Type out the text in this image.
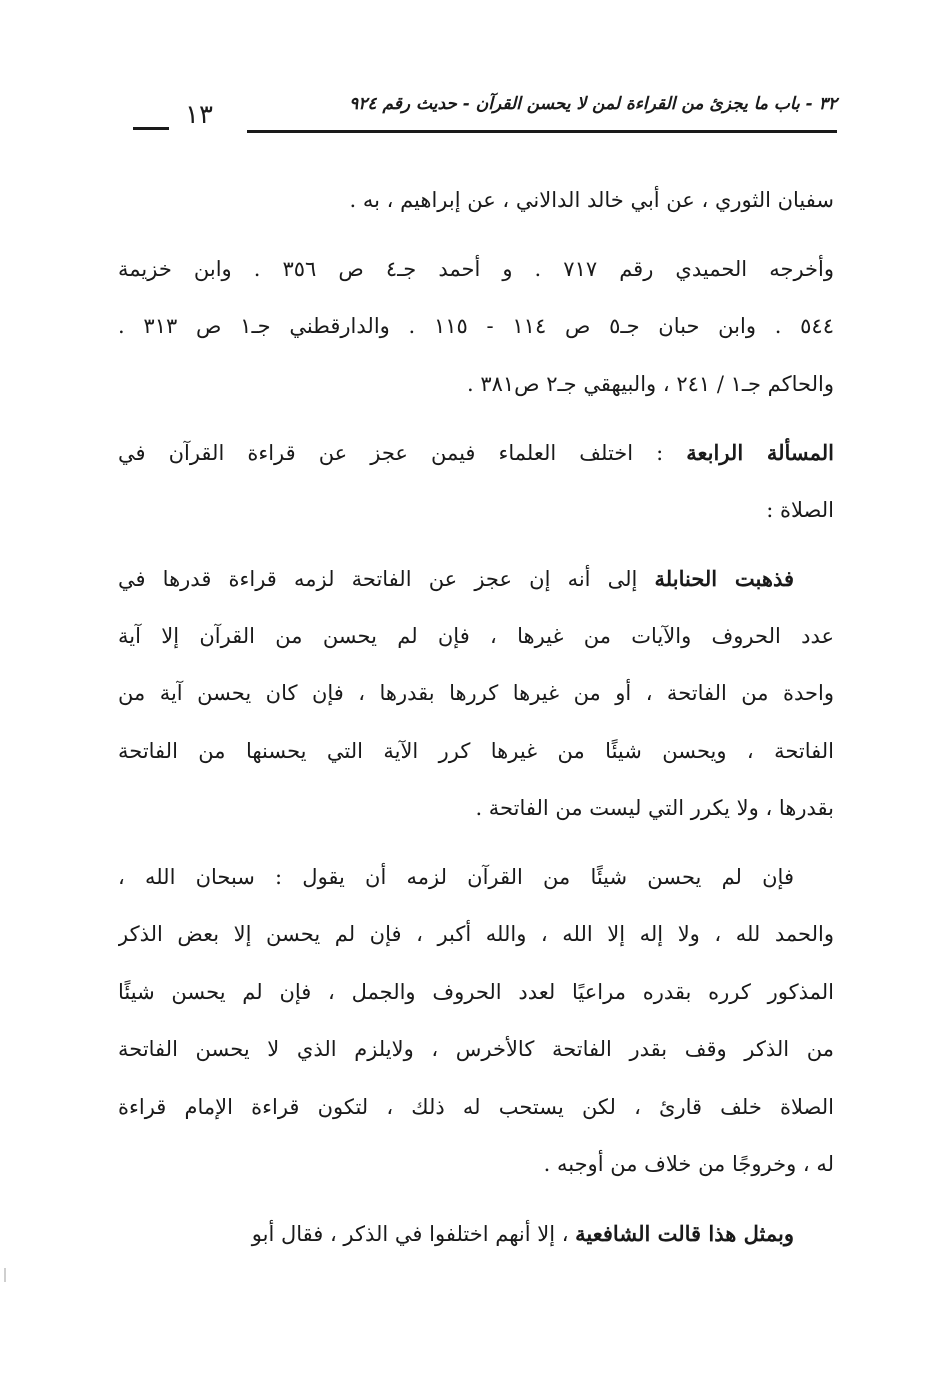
٣٢ - باب ما يجزئ من القراءة لمن لا يحسن القرآن - حديث رقم ٩٢٤
١٣
سفيان الثوري ، عن أبي خالد الدالاني ، عن إبراهيم ، به .
وأخرجه الحميدي رقم ٧١٧ . و أحمد جـ٤ ص ٣٥٦ . وابن خزيمة
٥٤٤ . وابن حبان جـ٥ ص ١١٤ - ١١٥ . والدارقطني جـ١ ص ٣١٣ .
والحاكم جـ١ / ٢٤١ ، والبيهقي جـ٢ ص٣٨١ .
المسألة الرابعة : اختلف العلماء فيمن عجز عن قراءة القرآن في
الصلاة :
فذهبت الحنابلة إلى أنه إن عجز عن الفاتحة لزمه قراءة قدرها في
عدد الحروف والآيات من غيرها ، فإن لم يحسن من القرآن إلا آية
واحدة من الفاتحة ، أو من غيرها كررها بقدرها ، فإن كان يحسن آية من
الفاتحة ، ويحسن شيئًا من غيرها كرر الآية التي يحسنها من الفاتحة
بقدرها ، ولا يكرر التي ليست من الفاتحة .
فإن لم يحسن شيئًا من القرآن لزمه أن يقول : سبحان الله ،
والحمد لله ، ولا إله إلا الله ، والله أكبر ، فإن لم يحسن إلا بعض الذكر
المذكور كرره بقدره مراعيًا لعدد الحروف والجمل ، فإن لم يحسن شيئًا
من الذكر وقف بقدر الفاتحة كالأخرس ، ولايلزم الذي لا يحسن الفاتحة
الصلاة خلف قارئ ، لكن يستحب له ذلك ، لتكون قراءة الإمام قراءة
له ، وخروجًا من خلاف من أوجبه .
وبمثل هذا قالت الشافعية ، إلا أنهم اختلفوا في الذكر ، فقال أبو
